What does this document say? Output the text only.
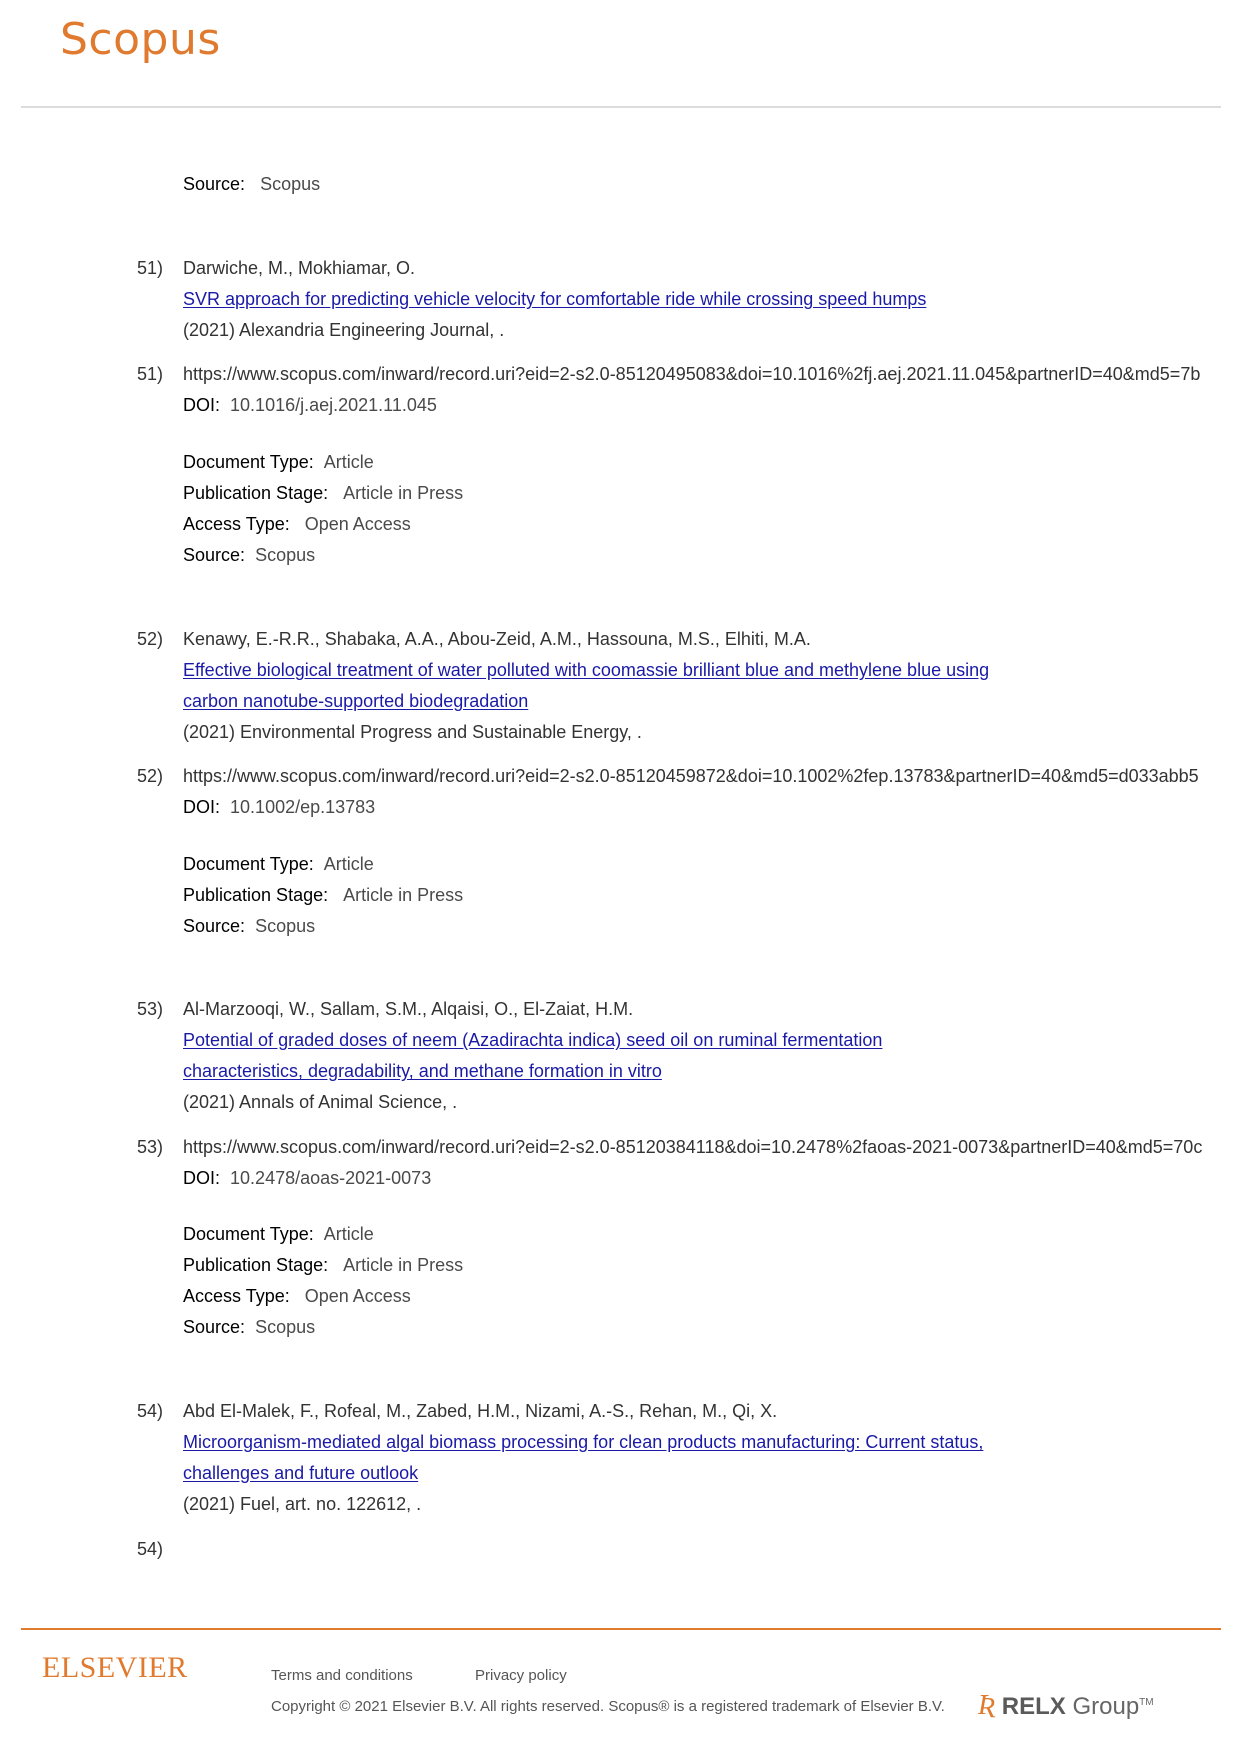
Scopus
Source: Scopus
51) Darwiche, M., Mokhiamar, O.
SVR approach for predicting vehicle velocity for comfortable ride while crossing speed humps
(2021) Alexandria Engineering Journal, .
51) https://www.scopus.com/inward/record.uri?eid=2-s2.0-85120495083&doi=10.1016%2fj.aej.2021.11.045&partnerID=40&md5=7b
DOI: 10.1016/j.aej.2021.11.045
Document Type: Article
Publication Stage: Article in Press
Access Type: Open Access
Source: Scopus
52) Kenawy, E.-R.R., Shabaka, A.A., Abou-Zeid, A.M., Hassouna, M.S., Elhiti, M.A.
Effective biological treatment of water polluted with coomassie brilliant blue and methylene blue using
carbon nanotube-supported biodegradation
(2021) Environmental Progress and Sustainable Energy, .
52) https://www.scopus.com/inward/record.uri?eid=2-s2.0-85120459872&doi=10.1002%2fep.13783&partnerID=40&md5=d033abb5
DOI: 10.1002/ep.13783
Document Type: Article
Publication Stage: Article in Press
Source: Scopus
53) Al-Marzooqi, W., Sallam, S.M., Alqaisi, O., El-Zaiat, H.M.
Potential of graded doses of neem (Azadirachta indica) seed oil on ruminal fermentation
characteristics, degradability, and methane formation in vitro
(2021) Annals of Animal Science, .
53) https://www.scopus.com/inward/record.uri?eid=2-s2.0-85120384118&doi=10.2478%2faoas-2021-0073&partnerID=40&md5=70c
DOI: 10.2478/aoas-2021-0073
Document Type: Article
Publication Stage: Article in Press
Access Type: Open Access
Source: Scopus
54) Abd El-Malek, F., Rofeal, M., Zabed, H.M., Nizami, A.-S., Rehan, M., Qi, X.
Microorganism-mediated algal biomass processing for clean products manufacturing: Current status,
challenges and future outlook
(2021) Fuel, art. no. 122612, .
54)
ELSEVIER	Terms and conditions	Privacy policy
Copyright © 2021 Elsevier B.V. All rights reserved. Scopus® is a registered trademark of Elsevier B.V. Ʀ RELX Group™
